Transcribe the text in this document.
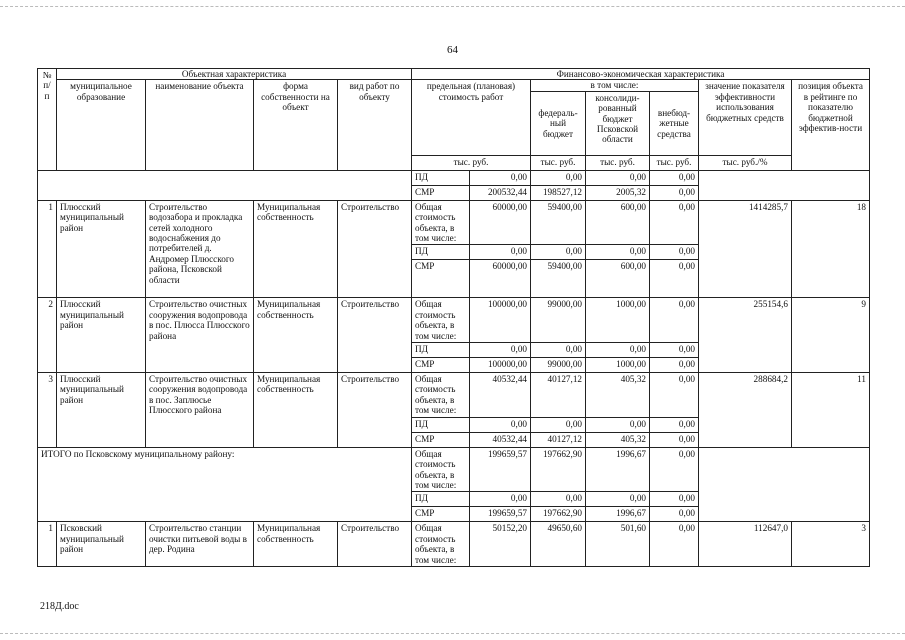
64
№ п/п	Объектная характеристика				Финансово-экономическая характеристика						
	муниципальное образование	наименование объекта	форма собственности на объект	вид работ по объекту	предельная (плановая) стоимость работ		в том числе:			значение показателя эффективности использования бюджетных средств	позиция объекта в рейтинге по показателю бюджетной эффектив-ности
							федераль-ный бюджет	консолиди-рованный бюджет Псковской области	внебюд-жетные средства		
					тыс. руб.		тыс. руб.	тыс. руб.	тыс. руб.	тыс. руб./%	
					ПД	0,00	0,00	0,00	0,00		
					СМР	200532,44	198527,12	2005,32	0,00		
1	Плюсский муниципальный район	Строительство водозабора и прокладка сетей холодного водоснабжения до потребителей д. Андромер Плюсского района, Псковской области	Муниципальная собственность	Строительство	Общая стоимость объекта, в том числе:	60000,00	59400,00	600,00	0,00	1414285,7	18
					ПД	0,00	0,00	0,00	0,00		
					СМР	60000,00	59400,00	600,00	0,00		
2	Плюсский муниципальный район	Строительство очистных сооружения водопровода в пос. Плюсса Плюсского района	Муниципальная собственность	Строительство	Общая стоимость объекта, в том числе:	100000,00	99000,00	1000,00	0,00	255154,6	9
					ПД	0,00	0,00	0,00	0,00		
					СМР	100000,00	99000,00	1000,00	0,00		
3	Плюсский муниципальный район	Строительство очистных сооружения водопровода в пос. Заплюсье Плюсского района	Муниципальная собственность	Строительство	Общая стоимость объекта, в том числе:	40532,44	40127,12	405,32	0,00	288684,2	11
					ПД	0,00	0,00	0,00	0,00		
					СМР	40532,44	40127,12	405,32	0,00		
ИТОГО по Псковскому муниципальному району:					Общая стоимость объекта, в том числе:	199659,57	197662,90	1996,67	0,00		
					ПД	0,00	0,00	0,00	0,00		
					СМР	199659,57	197662,90	1996,67	0,00		
1	Псковский муниципальный район	Строительство станции очистки питьевой воды в дер. Родина	Муниципальная собственность	Строительство	Общая стоимость объекта, в том числе:	50152,20	49650,60	501,60	0,00	112647,0	3
218Д.doc
